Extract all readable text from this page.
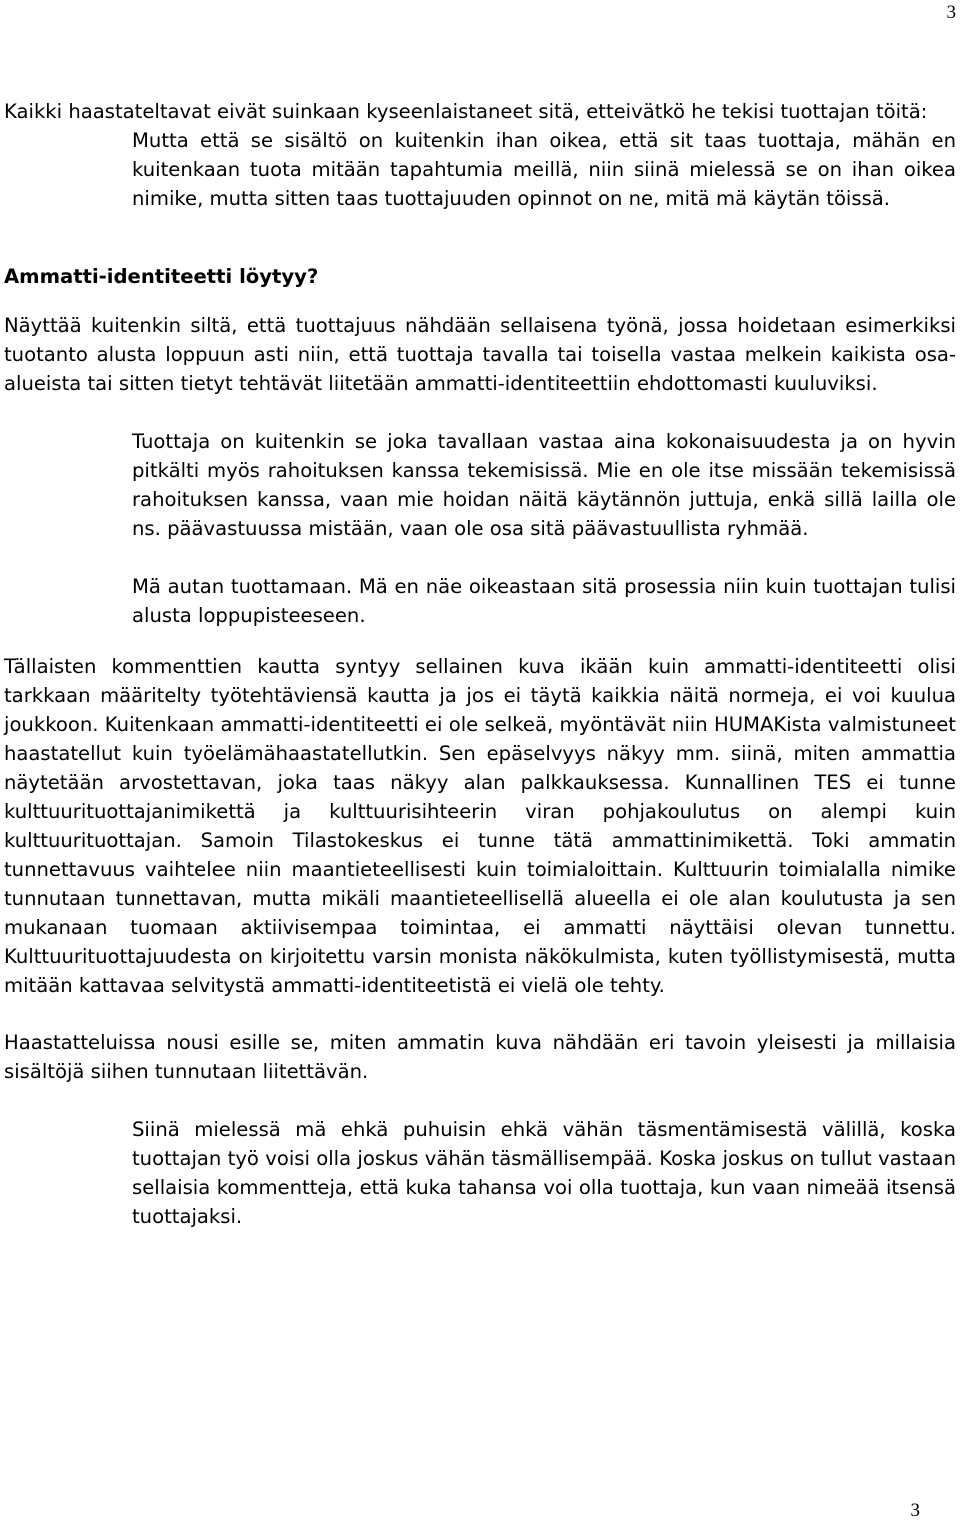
3

Kaikki haastateltavat eivät suinkaan kyseenlaistaneet sitä, etteivätkö he tekisi tuottajan töitä:

Mutta että se sisältö on kuitenkin ihan oikea, että sit taas tuottaja, mähän en kuitenkaan tuota mitään tapahtumia meillä, niin siinä mielessä se on ihan oikea nimike, mutta sitten taas tuottajuuden opinnot on ne, mitä mä käytän töissä.

Ammatti-identiteetti löytyy?

Näyttää kuitenkin siltä, että tuottajuus nähdään sellaisena työnä, jossa hoidetaan esimerkiksi tuotanto alusta loppuun asti niin, että tuottaja tavalla tai toisella vastaa melkein kaikista osa-alueista tai sitten tietyt tehtävät liitetään ammatti-identiteettiin ehdottomasti kuuluviksi.

Tuottaja on kuitenkin se joka tavallaan vastaa aina kokonaisuudesta ja on hyvin pitkälti myös rahoituksen kanssa tekemisissä. Mie en ole itse missään tekemisissä rahoituksen kanssa, vaan mie hoidan näitä käytännön juttuja, enkä sillä lailla ole ns. päävastuussa mistään, vaan ole osa sitä päävastuullista ryhmää.

Mä autan tuottamaan. Mä en näe oikeastaan sitä prosessia niin kuin tuottajan tulisi alusta loppupisteeseen.

Tällaisten kommenttien kautta syntyy sellainen kuva ikään kuin ammatti-identiteetti olisi tarkkaan määritelty työtehtäviensä kautta ja jos ei täytä kaikkia näitä normeja, ei voi kuulua joukkoon. Kuitenkaan ammatti-identiteetti ei ole selkeä, myöntävät niin HUMAKista valmistuneet haastatellut kuin työelämähaastatellutkin. Sen epäselvyys näkyy mm. siinä, miten ammattia näytetään arvostettavan, joka taas näkyy alan palkkauksessa. Kunnallinen TES ei tunne kulttuurituottajanimikettä ja kulttuurisihteerin viran pohjakoulutus on alempi kuin kulttuurituottajan. Samoin Tilastokeskus ei tunne tätä ammattinimikettä. Toki ammatin tunnettavuus vaihtelee niin maantieteellisesti kuin toimialoittain. Kulttuurin toimialalla nimike tunnutaan tunnettavan, mutta mikäli maantieteellisellä alueella ei ole alan koulutusta ja sen mukanaan tuomaan aktiivisempaa toimintaa, ei ammatti näyttäisi olevan tunnettu. Kulttuurituottajuudesta on kirjoitettu varsin monista näkökulmista, kuten työllistymisestä, mutta mitään kattavaa selvitystä ammatti-identiteetistä ei vielä ole tehty.

Haastatteluissa nousi esille se, miten ammatin kuva nähdään eri tavoin yleisesti ja millaisia sisältöjä siihen tunnutaan liitettävän.

Siinä mielessä mä ehkä puhuisin ehkä vähän täsmentämisestä välillä, koska tuottajan työ voisi olla joskus vähän täsmällisempää. Koska joskus on tullut vastaan sellaisia kommentteja, että kuka tahansa voi olla tuottaja, kun vaan nimeää itsensä tuottajaksi.

3
